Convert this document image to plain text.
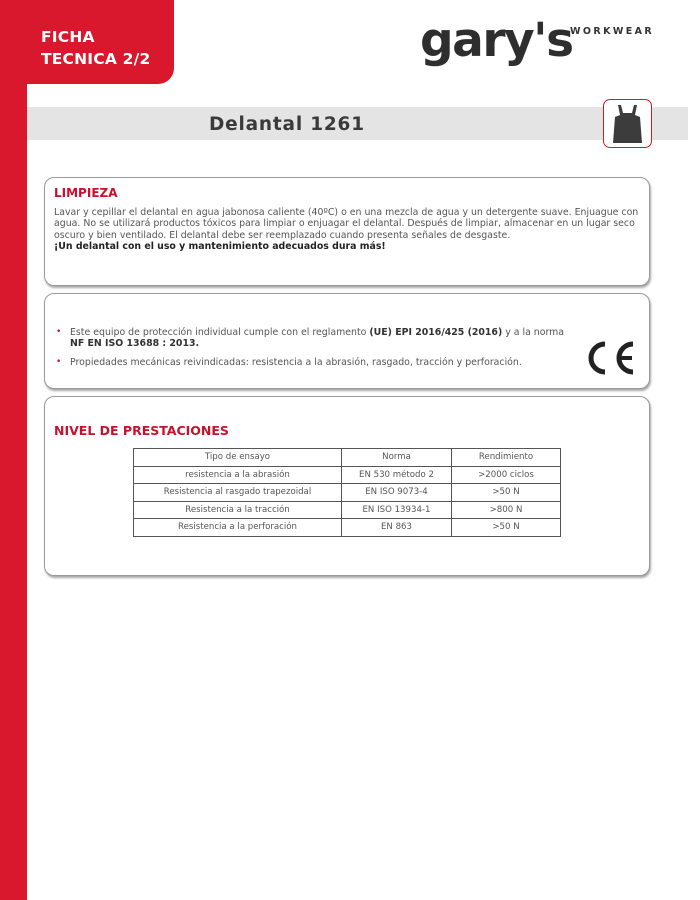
FICHA
TECNICA 2/2	gary's
WORKWEAR
Delantal 1261
LIMPIEZA

Lavar y cepillar el delantal en agua jabonosa caliente (40ºC) o en una mezcla de agua y un detergente suave. Enjuague con agua. No se utilizará productos tóxicos para limpiar o enjuagar el delantal. Después de limpiar, almacenar en un lugar seco oscuro y bien ventilado. El delantal debe ser reemplazado cuando presenta señales de desgaste.

¡Un delantal con el uso y mantenimiento adecuados dura más!

• Este equipo de protección individual cumple con el reglamento (UE) EPI 2016/425 (2016) y a la norma NF EN ISO 13688 : 2013.
• Propiedades mecánicas reivindicadas: resistencia a la abrasión, rasgado, tracción y perforación.
NIVEL DE PRESTACIONES
Tipo de ensayo	Norma	Rendimiento
resistencia a la abrasión	EN 530 método 2	>2000 ciclos
Resistencia al rasgado trapezoidal	EN ISO 9073-4	>50 N
Resistencia a la tracción	EN ISO 13934-1	>800 N
Resistencia a la perforación	EN 863	>50 N
